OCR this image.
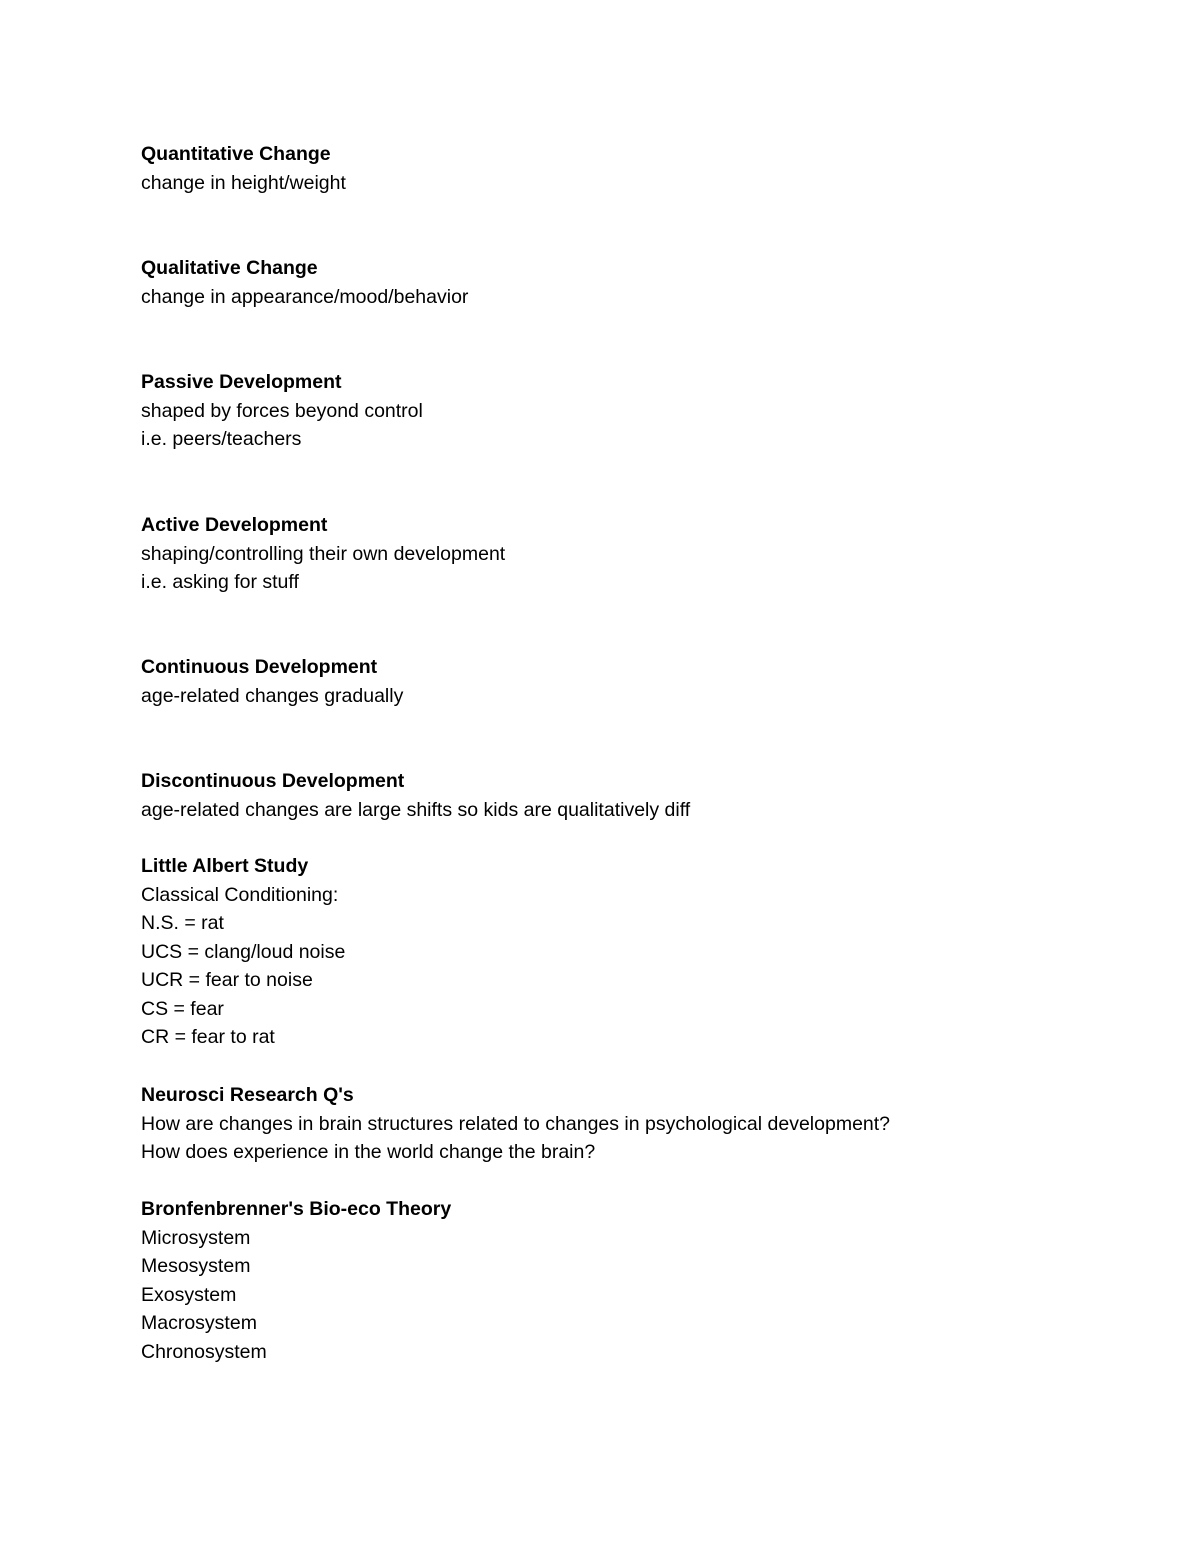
Quantitative Change
change in height/weight
Qualitative Change
change in appearance/mood/behavior
Passive Development
shaped by forces beyond control
i.e. peers/teachers
Active Development
shaping/controlling their own development
i.e. asking for stuff
Continuous Development
age-related changes gradually
Discontinuous Development
age-related changes are large shifts so kids are qualitatively diff
Little Albert Study
Classical Conditioning:
N.S. = rat
UCS = clang/loud noise
UCR = fear to noise
CS = fear
CR = fear to rat
Neurosci Research Q's
How are changes in brain structures related to changes in psychological development?
How does experience in the world change the brain?
Bronfenbrenner's Bio-eco Theory
Microsystem
Mesosystem
Exosystem
Macrosystem
Chronosystem
